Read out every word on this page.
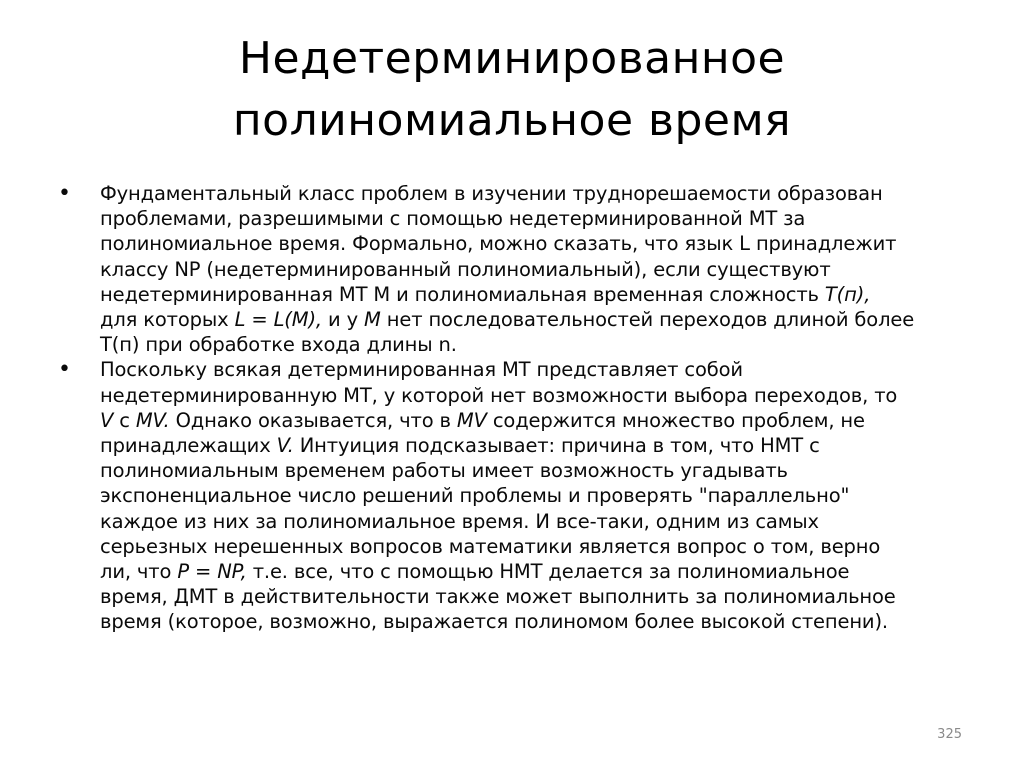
Недетерминированное
полиномиальное время
• Фундаментальный класс проблем в изучении труднорешаемости образован
проблемами, разрешимыми с помощью недетерминированной МТ за
полиномиальное время. Формально, можно сказать, что язык L принадлежит
классу NP (недетерминированный полиномиальный), если существуют
недетерминированная МТ М и полиномиальная временная сложность Т(п),
для которых L = L(M), и у М нет последовательностей переходов длиной более
Т(п) при обработке входа длины n.
• Поскольку всякая детерминированная МТ представляет собой
недетерминированную МТ, у которой нет возможности выбора переходов, то
V с MV. Однако оказывается, что в MV содержится множество проблем, не
принадлежащих V. Интуиция подсказывает: причина в том, что НМТ с
полиномиальным временем работы имеет возможность угадывать
экспоненциальное число решений проблемы и проверять "параллельно"
каждое из них за полиномиальное время. И все-таки, одним из самых
серьезных нерешенных вопросов математики является вопрос о том, верно
ли, что Р = NP, т.е. все, что с помощью НМТ делается за полиномиальное
время, ДМТ в действительности также может выполнить за полиномиальное
время (которое, возможно, выражается полиномом более высокой степени).
325
